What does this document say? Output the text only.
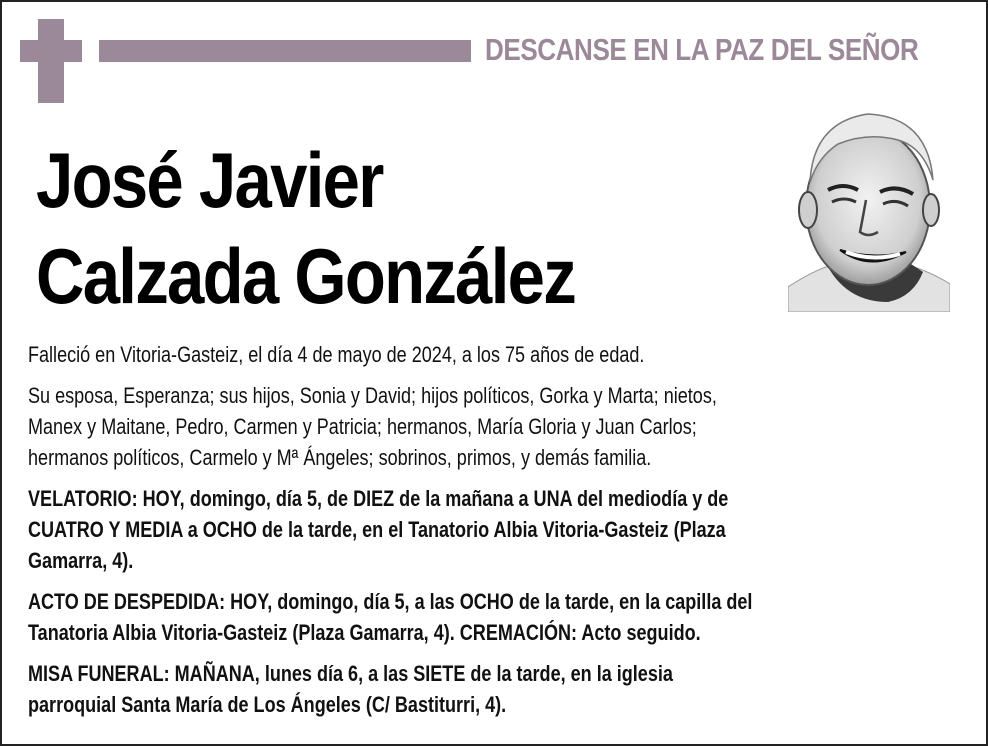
DESCANSE EN LA PAZ DEL SEÑOR
José Javier
Calzada González

Falleció en Vitoria-Gasteiz, el día 4 de mayo de 2024, a los 75 años de edad.

Su esposa, Esperanza; sus hijos, Sonia y David; hijos políticos, Gorka y Marta; nietos,
Manex y Maitane, Pedro, Carmen y Patricia; hermanos, María Gloria y Juan Carlos;
hermanos políticos, Carmelo y Mª Ángeles; sobrinos, primos, y demás familia.

VELATORIO: HOY, domingo, día 5, de DIEZ de la mañana a UNA del mediodía y de
CUATRO Y MEDIA a OCHO de la tarde, en el Tanatorio Albia Vitoria-Gasteiz (Plaza
Gamarra, 4).

ACTO DE DESPEDIDA: HOY, domingo, día 5, a las OCHO de la tarde, en la capilla del
Tanatoria Albia Vitoria-Gasteiz (Plaza Gamarra, 4). CREMACIÓN: Acto seguido.

MISA FUNERAL: MAÑANA, lunes día 6, a las SIETE de la tarde, en la iglesia
parroquial Santa María de Los Ángeles (C/ Bastiturri, 4).
